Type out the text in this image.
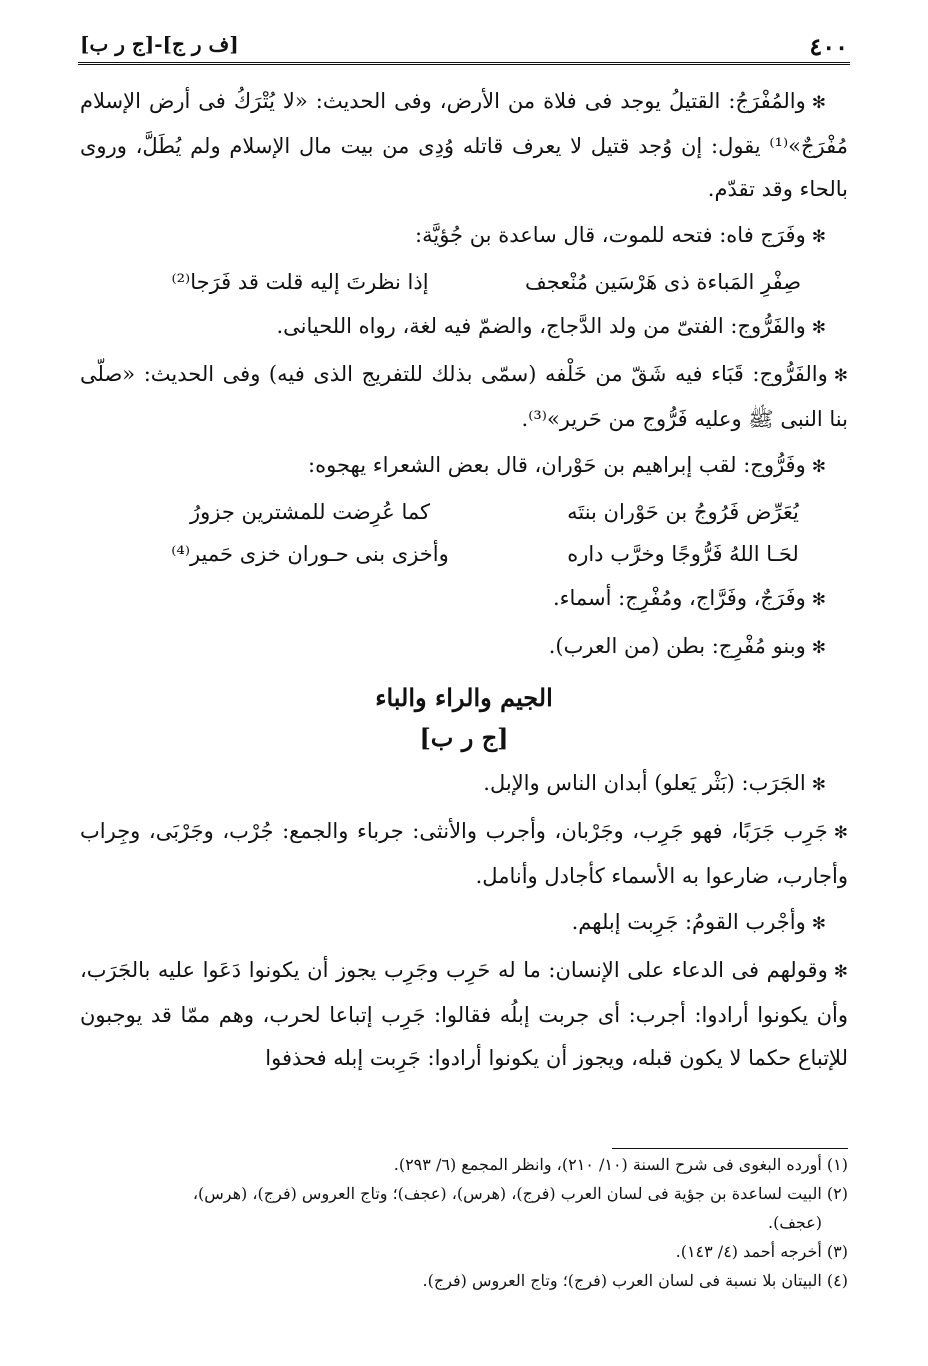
٤٠٠
[ف ر ج]-[ج ر ب]

✻والمُفْرَجُ: القتيلُ يوجد فى فلاة من الأرض، وفى الحديث: «لا يُتْرَكُ فى أرض الإسلام مُفْرَجٌ»⁽¹⁾ يقول: إن وُجد قتيل لا يعرف قاتله وُدِى من بيت مال الإسلام ولم يُطَلَّ، وروى بالحاء وقد تقدّم.

✻وفَرَج فاه: فتحه للموت، قال ساعدة بن جُؤيَّة:

صِفْرِ المَباءة ذى هَرْسَين مُنْعجف
إذا نظرتَ إليه قلت قد فَرَجا⁽²⁾

✻والفَرُّوج: الفتىّ من ولد الدَّجاج، والضمّ فيه لغة، رواه اللحيانى.

✻والفَرُّوج: قَبَاء فيه شَقّ من خَلْفه (سمّى بذلك للتفريج الذى فيه) وفى الحديث: «صلّى بنا النبى ﷺ وعليه فَرُّوج من حَرير»⁽³⁾.

✻وفَرُّوج: لقب إبراهيم بن حَوْران، قال بعض الشعراء يهجوه:

يُعَرِّض فَرُوجُ بن حَوْران بنتَه
كما عُرِضت للمشترين جزورُ
لحَـا اللهُ فَرُّوجًا وخرَّب داره
وأخزى بنى حـوران خزى حَمير⁽⁴⁾

✻وفَرَجٌ، وفَرَّاج، ومُفْرِج: أسماء.

✻وبنو مُفْرِج: بطن (من العرب).

الجيم والراء والباء
[ج ر ب]

✻الجَرَب: (بَثْر يَعلو) أبدان الناس والإبل.

✻جَرِب جَرَبًا، فهو جَرِب، وجَرْبان، وأجرب والأنثى: جرباء والجمع: جُرْب، وجَرْبَى، وجِراب وأجارب، ضارعوا به الأسماء كأجادل وأنامل.

✻وأجْرب القومُ: جَرِبت إبلهم.

✻وقولهم فى الدعاء على الإنسان: ما له حَرِب وجَرِب يجوز أن يكونوا دَعَوا عليه بالجَرَب، وأن يكونوا أرادوا: أجرب: أى جربت إبلُه فقالوا: جَرِب إتباعا لحرب، وهم ممّا قد يوجبون للإتباع حكما لا يكون قبله، ويجوز أن يكونوا أرادوا: جَرِبت إبله فحذفوا

(١) أورده البغوى فى شرح السنة (١٠/ ٢١٠)، وانظر المجمع (٦/ ٢٩٣).

(٢) البيت لساعدة بن جؤية فى لسان العرب (فرج)، (هرس)، (عجف)؛ وتاج العروس (فرج)، (هرس)،

(عجف).

(٣) أخرجه أحمد (٤/ ١٤٣).

(٤) البيتان بلا نسبة فى لسان العرب (فرج)؛ وتاج العروس (فرج).
